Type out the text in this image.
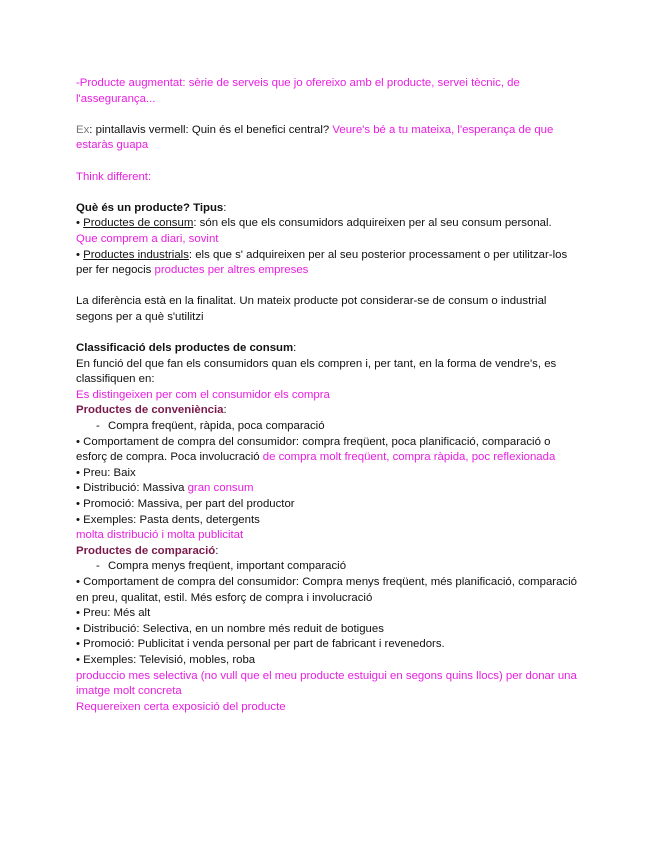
-Producte augmentat: sèrie de serveis que jo ofereixo amb el producte, servei tècnic, de l'assegurança...

Ex: pintallavis vermell: Quin és el benefici central? Veure's bé a tu mateixa, l'esperança de que estaràs guapa

Think different:

Què és un producte? Tipus:

• Productes de consum: són els que els consumidors adquireixen per al seu consum personal.

Que comprem a diari, sovint

• Productes industrials: els que s' adquireixen per al seu posterior processament o per utilitzar-los per fer negocis productes per altres empreses

La diferència està en la finalitat. Un mateix producte pot considerar-se de consum o industrial segons per a què s'utilitzi

Classificació dels productes de consum:

En funció del que fan els consumidors quan els compren i, per tant, en la forma de vendre's, es classifiquen en:

Es distingeixen per com el consumidor els compra

Productes de conveniència:

- Compra freqüent, ràpida, poca comparació

• Comportament de compra del consumidor: compra freqüent, poca planificació, comparació o esforç de compra. Poca involucració de compra molt freqüent, compra ràpida, poc reflexionada

• Preu: Baix

• Distribució: Massiva gran consum

• Promoció: Massiva, per part del productor

• Exemples: Pasta dents, detergents

molta distribució i molta publicitat

Productes de comparació:

- Compra menys freqüent, important comparació

• Comportament de compra del consumidor: Compra menys freqüent, més planificació, comparació en preu, qualitat, estil. Més esforç de compra i involucració

• Preu: Més alt

• Distribució: Selectiva, en un nombre més reduit de botigues

• Promoció: Publicitat i venda personal per part de fabricant i revenedors.

• Exemples: Televisió, mobles, roba

produccio mes selectiva (no vull que el meu producte estuigui en segons quins llocs) per donar una imatge molt concreta

Requereixen certa exposició del producte
